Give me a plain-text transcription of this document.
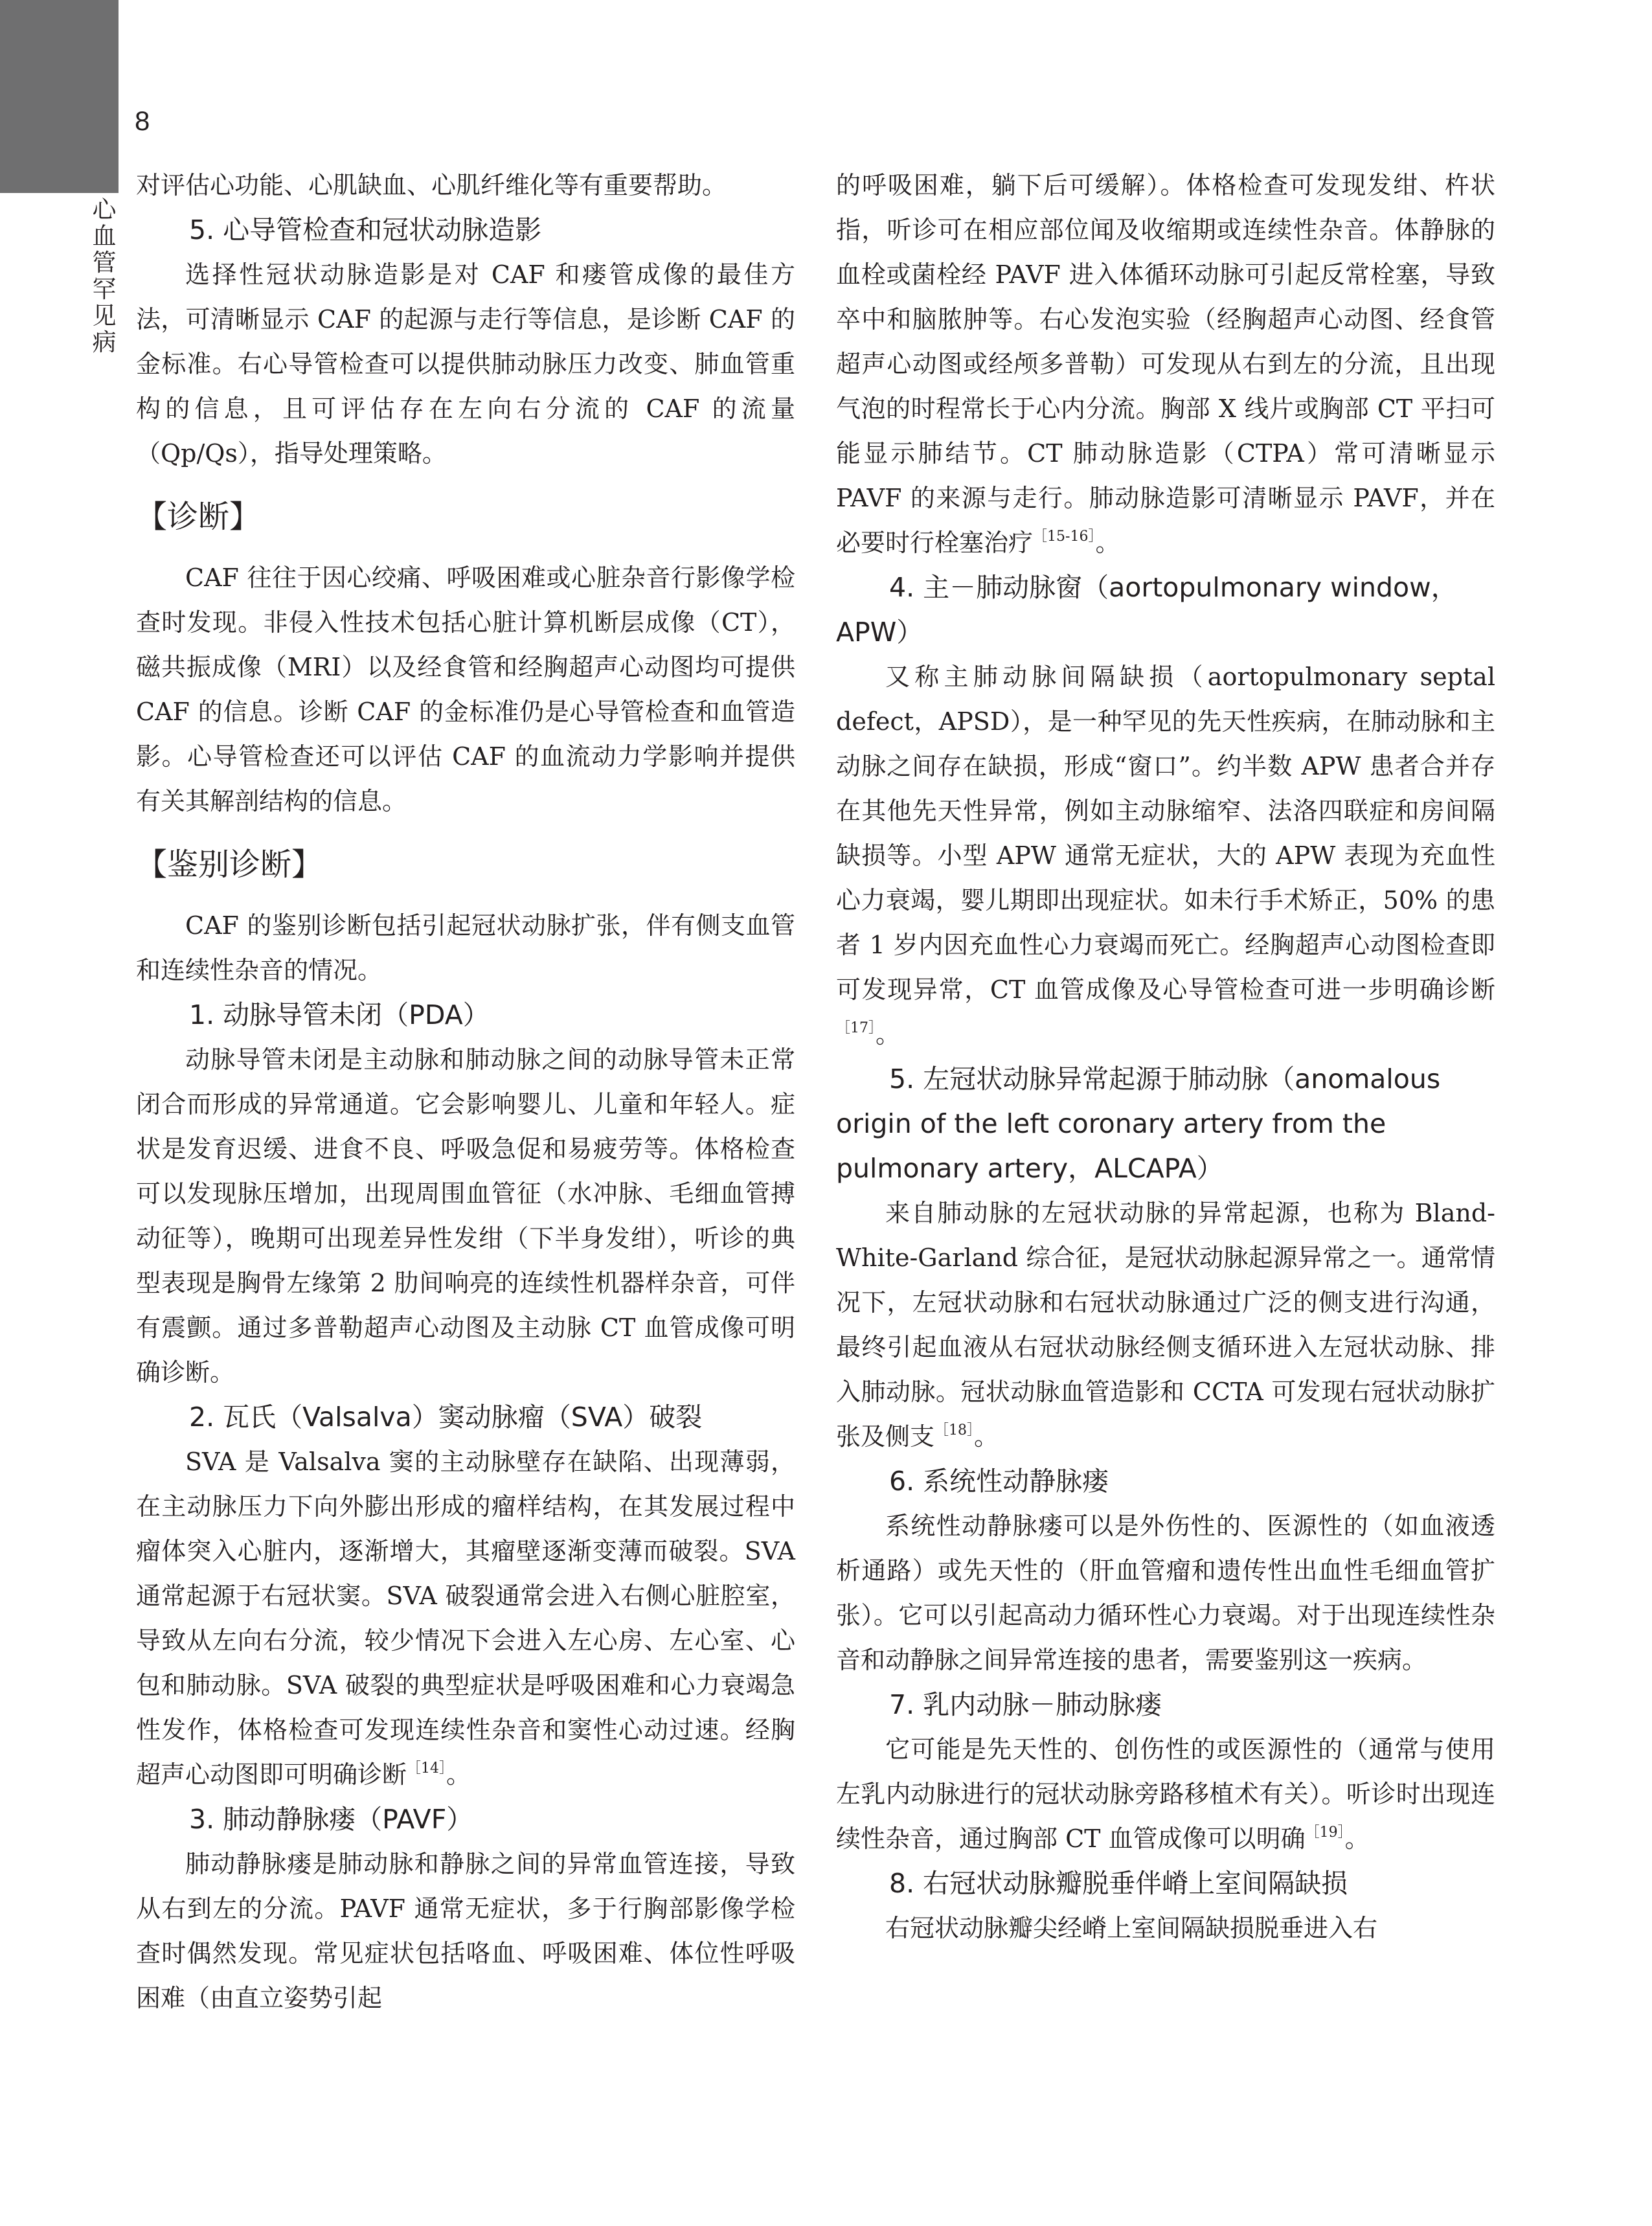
8
心血管罕见病

对评估心功能、心肌缺血、心肌纤维化等有重要帮助。

5. 心导管检查和冠状动脉造影

选择性冠状动脉造影是对 CAF 和瘘管成像的最佳方法，可清晰显示 CAF 的起源与走行等信息，是诊断 CAF 的金标准。右心导管检查可以提供肺动脉压力改变、肺血管重构的信息，且可评估存在左向右分流的 CAF 的流量（Qp/Qs），指导处理策略。

【诊断】

CAF 往往于因心绞痛、呼吸困难或心脏杂音行影像学检查时发现。非侵入性技术包括心脏计算机断层成像（CT），磁共振成像（MRI）以及经食管和经胸超声心动图均可提供 CAF 的信息。诊断 CAF 的金标准仍是心导管检查和血管造影。心导管检查还可以评估 CAF 的血流动力学影响并提供有关其解剖结构的信息。

【鉴别诊断】

CAF 的鉴别诊断包括引起冠状动脉扩张，伴有侧支血管和连续性杂音的情况。

1. 动脉导管未闭（PDA）

动脉导管未闭是主动脉和肺动脉之间的动脉导管未正常闭合而形成的异常通道。它会影响婴儿、儿童和年轻人。症状是发育迟缓、进食不良、呼吸急促和易疲劳等。体格检查可以发现脉压增加，出现周围血管征（水冲脉、毛细血管搏动征等），晚期可出现差异性发绀（下半身发绀），听诊的典型表现是胸骨左缘第 2 肋间响亮的连续性机器样杂音，可伴有震颤。通过多普勒超声心动图及主动脉 CT 血管成像可明确诊断。

2. 瓦氏（Valsalva）窦动脉瘤（SVA）破裂

SVA 是 Valsalva 窦的主动脉壁存在缺陷、出现薄弱，在主动脉压力下向外膨出形成的瘤样结构，在其发展过程中瘤体突入心脏内，逐渐增大，其瘤壁逐渐变薄而破裂。SVA 通常起源于右冠状窦。SVA 破裂通常会进入右侧心脏腔室，导致从左向右分流，较少情况下会进入左心房、左心室、心包和肺动脉。SVA 破裂的典型症状是呼吸困难和心力衰竭急性发作，体格检查可发现连续性杂音和窦性心动过速。经胸超声心动图即可明确诊断$^{[14]}$。

3. 肺动静脉瘘（PAVF）

肺动静脉瘘是肺动脉和静脉之间的异常血管连接，导致从右到左的分流。PAVF 通常无症状，多于行胸部影像学检查时偶然发现。常见症状包括咯血、呼吸困难、体位性呼吸困难（由直立姿势引起

的呼吸困难，躺下后可缓解）。体格检查可发现发绀、杵状指，听诊可在相应部位闻及收缩期或连续性杂音。体静脉的血栓或菌栓经 PAVF 进入体循环动脉可引起反常栓塞，导致卒中和脑脓肿等。右心发泡实验（经胸超声心动图、经食管超声心动图或经颅多普勒）可发现从右到左的分流，且出现气泡的时程常长于心内分流。胸部 X 线片或胸部 CT 平扫可能显示肺结节。CT 肺动脉造影（CTPA）常可清晰显示 PAVF 的来源与走行。肺动脉造影可清晰显示 PAVF，并在必要时行栓塞治疗$^{[15-16]}$。

4. 主－肺动脉窗（aortopulmonary window，
APW）

又称主肺动脉间隔缺损（aortopulmonary septal defect，APSD），是一种罕见的先天性疾病，在肺动脉和主动脉之间存在缺损，形成“窗口”。约半数 APW 患者合并存在其他先天性异常，例如主动脉缩窄、法洛四联症和房间隔缺损等。小型 APW 通常无症状，大的 APW 表现为充血性心力衰竭，婴儿期即出现症状。如未行手术矫正，50% 的患者 1 岁内因充血性心力衰竭而死亡。经胸超声心动图检查即可发现异常，CT 血管成像及心导管检查可进一步明确诊断$^{[17]}$。

5. 左冠状动脉异常起源于肺动脉（anomalous
origin of the left coronary artery from the
pulmonary artery，ALCAPA）

来自肺动脉的左冠状动脉的异常起源，也称为 Bland-White-Garland 综合征，是冠状动脉起源异常之一。通常情况下，左冠状动脉和右冠状动脉通过广泛的侧支进行沟通，最终引起血液从右冠状动脉经侧支循环进入左冠状动脉、排入肺动脉。冠状动脉血管造影和 CCTA 可发现右冠状动脉扩张及侧支$^{[18]}$。

6. 系统性动静脉瘘

系统性动静脉瘘可以是外伤性的、医源性的（如血液透析通路）或先天性的（肝血管瘤和遗传性出血性毛细血管扩张）。它可以引起高动力循环性心力衰竭。对于出现连续性杂音和动静脉之间异常连接的患者，需要鉴别这一疾病。

7. 乳内动脉－肺动脉瘘

它可能是先天性的、创伤性的或医源性的（通常与使用左乳内动脉进行的冠状动脉旁路移植术有关）。听诊时出现连续性杂音，通过胸部 CT 血管成像可以明确$^{[19]}$。

8. 右冠状动脉瓣脱垂伴嵴上室间隔缺损

右冠状动脉瓣尖经嵴上室间隔缺损脱垂进入右
